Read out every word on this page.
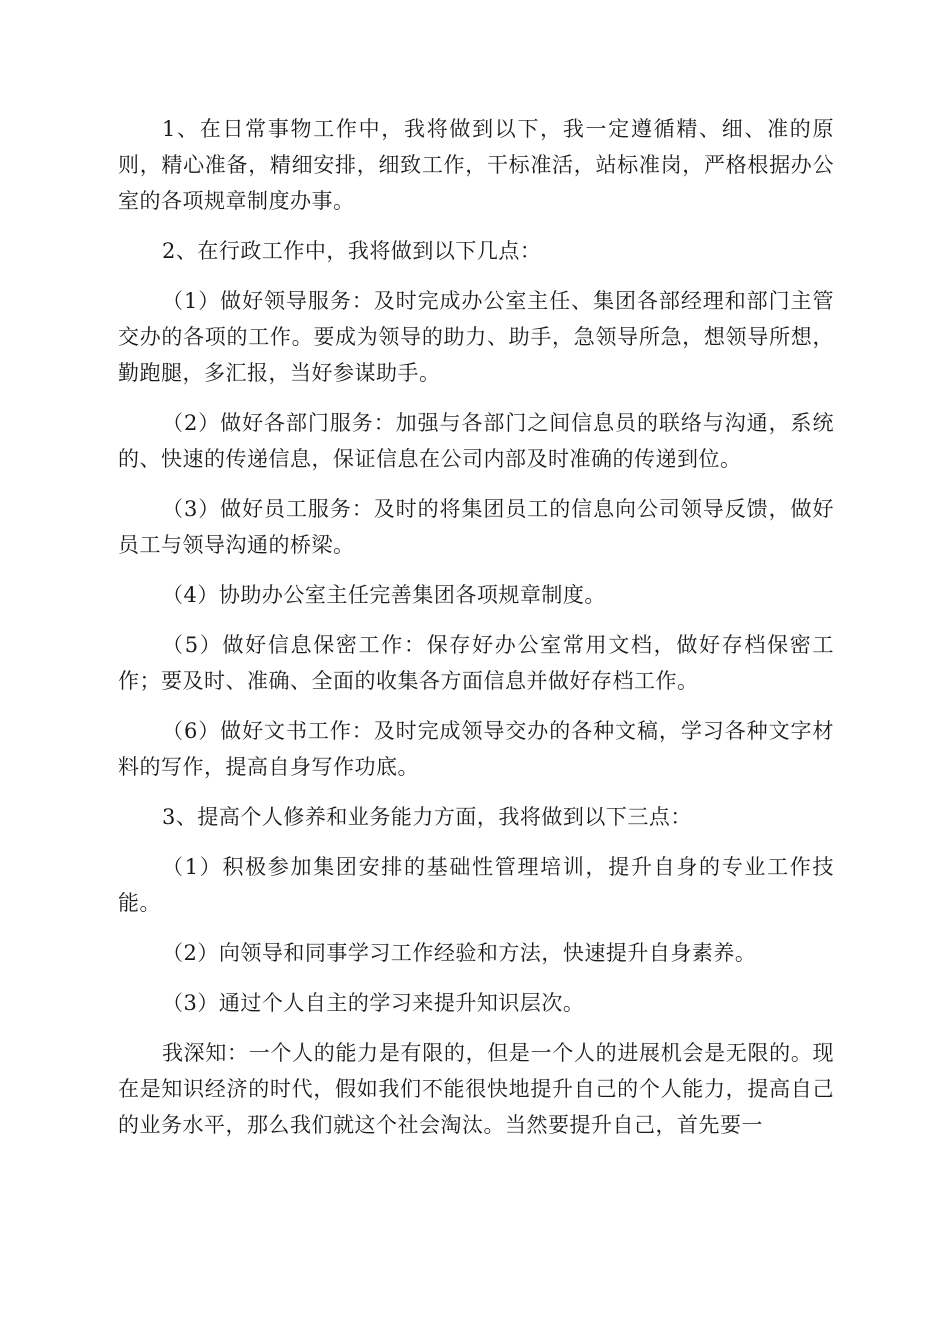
1、在日常事物工作中，我将做到以下，我一定遵循精、细、准的原则，精心准备，精细安排，细致工作，干标准活，站标准岗，严格根据办公室的各项规章制度办事。

2、在行政工作中，我将做到以下几点：

（1）做好领导服务：及时完成办公室主任、集团各部经理和部门主管交办的各项的工作。要成为领导的助力、助手，急领导所急，想领导所想，勤跑腿，多汇报，当好参谋助手。

（2）做好各部门服务：加强与各部门之间信息员的联络与沟通，系统的、快速的传递信息，保证信息在公司内部及时准确的传递到位。

（3）做好员工服务：及时的将集团员工的信息向公司领导反馈，做好员工与领导沟通的桥梁。

（4）协助办公室主任完善集团各项规章制度。

（5）做好信息保密工作：保存好办公室常用文档，做好存档保密工作；要及时、准确、全面的收集各方面信息并做好存档工作。

（6）做好文书工作：及时完成领导交办的各种文稿，学习各种文字材料的写作，提高自身写作功底。

3、提高个人修养和业务能力方面，我将做到以下三点：

（1）积极参加集团安排的基础性管理培训，提升自身的专业工作技能。

（2）向领导和同事学习工作经验和方法，快速提升自身素养。

（3）通过个人自主的学习来提升知识层次。

我深知：一个人的能力是有限的，但是一个人的进展机会是无限的。现在是知识经济的时代，假如我们不能很快地提升自己的个人能力，提高自己的业务水平，那么我们就这个社会淘汰。当然要提升自己，首先要一
